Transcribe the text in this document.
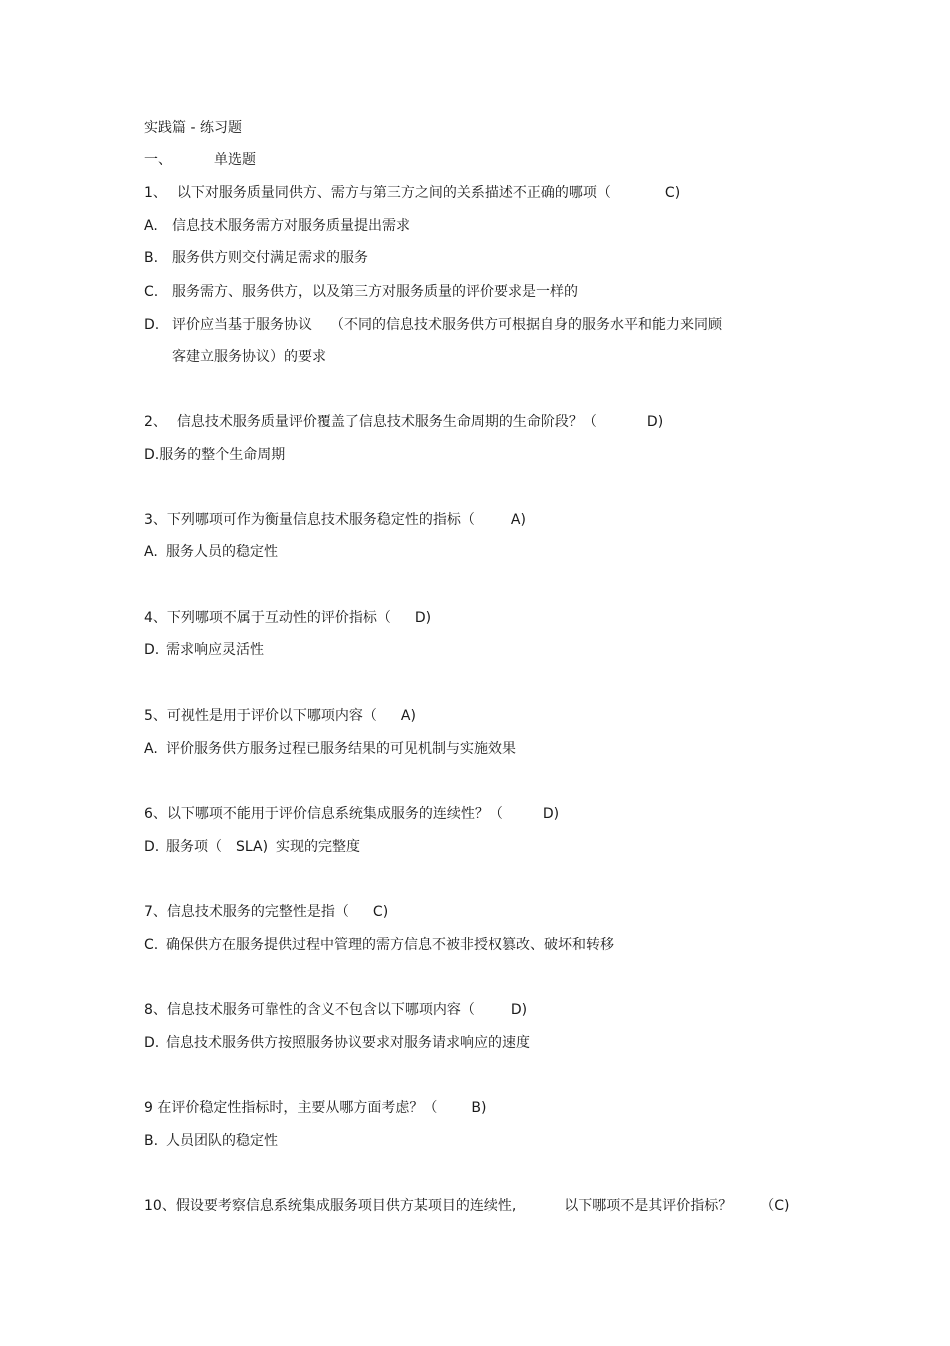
实践篇 - 练习题
一、	单选题
1、 以下对服务质量同供方、需方与第三方之间的关系描述不正确的哪项（	C)
A. 信息技术服务需方对服务质量提出需求
B. 服务供方则交付满足需求的服务
C. 服务需方、服务供方，以及第三方对服务质量的评价要求是一样的
D. 评价应当基于服务协议 （不同的信息技术服务供方可根据自身的服务水平和能力来同顾
客建立服务协议）的要求
2、 信息技术服务质量评价覆盖了信息技术服务生命周期的生命阶段？（	D)
D.服务的整个生命周期
3、下列哪项可作为衡量信息技术服务稳定性的指标（	A)
A. 服务人员的稳定性
4、下列哪项不属于互动性的评价指标（ D)
D. 需求响应灵活性
5、可视性是用于评价以下哪项内容（ A)
A. 评价服务供方服务过程已服务结果的可见机制与实施效果
6、以下哪项不能用于评价信息系统集成服务的连续性？（	D)
D. 服务项（ SLA) 实现的完整度
7、信息技术服务的完整性是指（ C)
C. 确保供方在服务提供过程中管理的需方信息不被非授权篡改、破坏和转移
8、信息技术服务可靠性的含义不包含以下哪项内容（	D)
D. 信息技术服务供方按照服务协议要求对服务请求响应的速度
9 在评价稳定性指标时，主要从哪方面考虑？（ B)
B. 人员团队的稳定性
10、假设要考察信息系统集成服务项目供方某项目的连续性,	以下哪项不是其评价指标？ （C)
